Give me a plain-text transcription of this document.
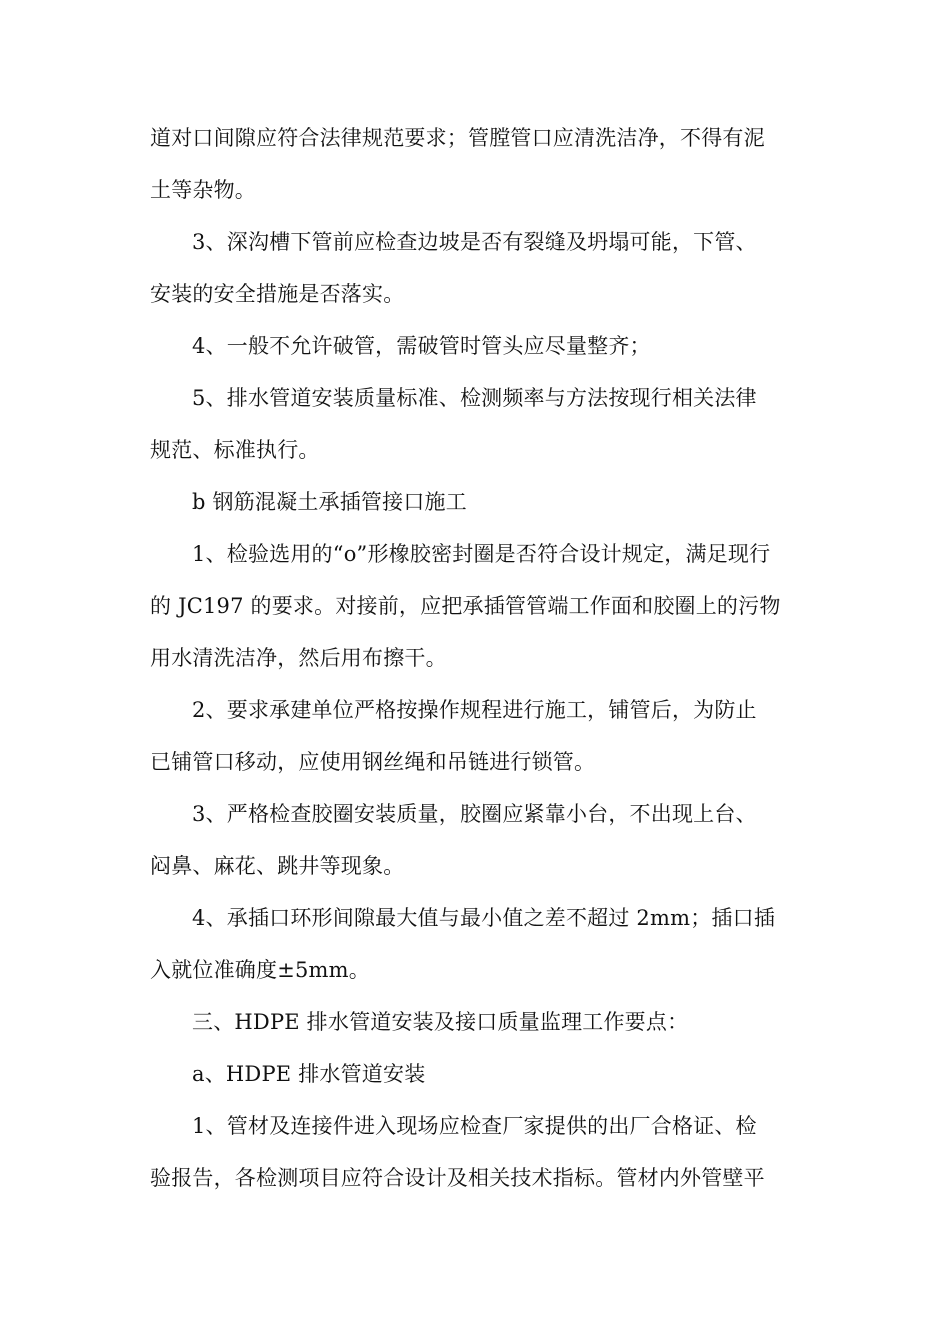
道对口间隙应符合法律规范要求；管膛管口应清洗洁净，不得有泥
土等杂物。
3、深沟槽下管前应检查边坡是否有裂缝及坍塌可能，下管、
安装的安全措施是否落实。
4、一般不允许破管，需破管时管头应尽量整齐；
5、排水管道安装质量标准、检测频率与方法按现行相关法律
规范、标准执行。
b 钢筋混凝土承插管接口施工
1、检验选用的“o”形橡胶密封圈是否符合设计规定，满足现行
的 JC197 的要求。对接前，应把承插管管端工作面和胶圈上的污物
用水清洗洁净，然后用布擦干。
2、要求承建单位严格按操作规程进行施工，铺管后，为防止
已铺管口移动，应使用钢丝绳和吊链进行锁管。
3、严格检查胶圈安装质量，胶圈应紧靠小台，不出现上台、
闷鼻、麻花、跳井等现象。
4、承插口环形间隙最大值与最小值之差不超过 2mm；插口插
入就位准确度±5mm。
三、HDPE 排水管道安装及接口质量监理工作要点：
a、HDPE 排水管道安装
1、管材及连接件进入现场应检查厂家提供的出厂合格证、检
验报告，各检测项目应符合设计及相关技术指标。管材内外管壁平
